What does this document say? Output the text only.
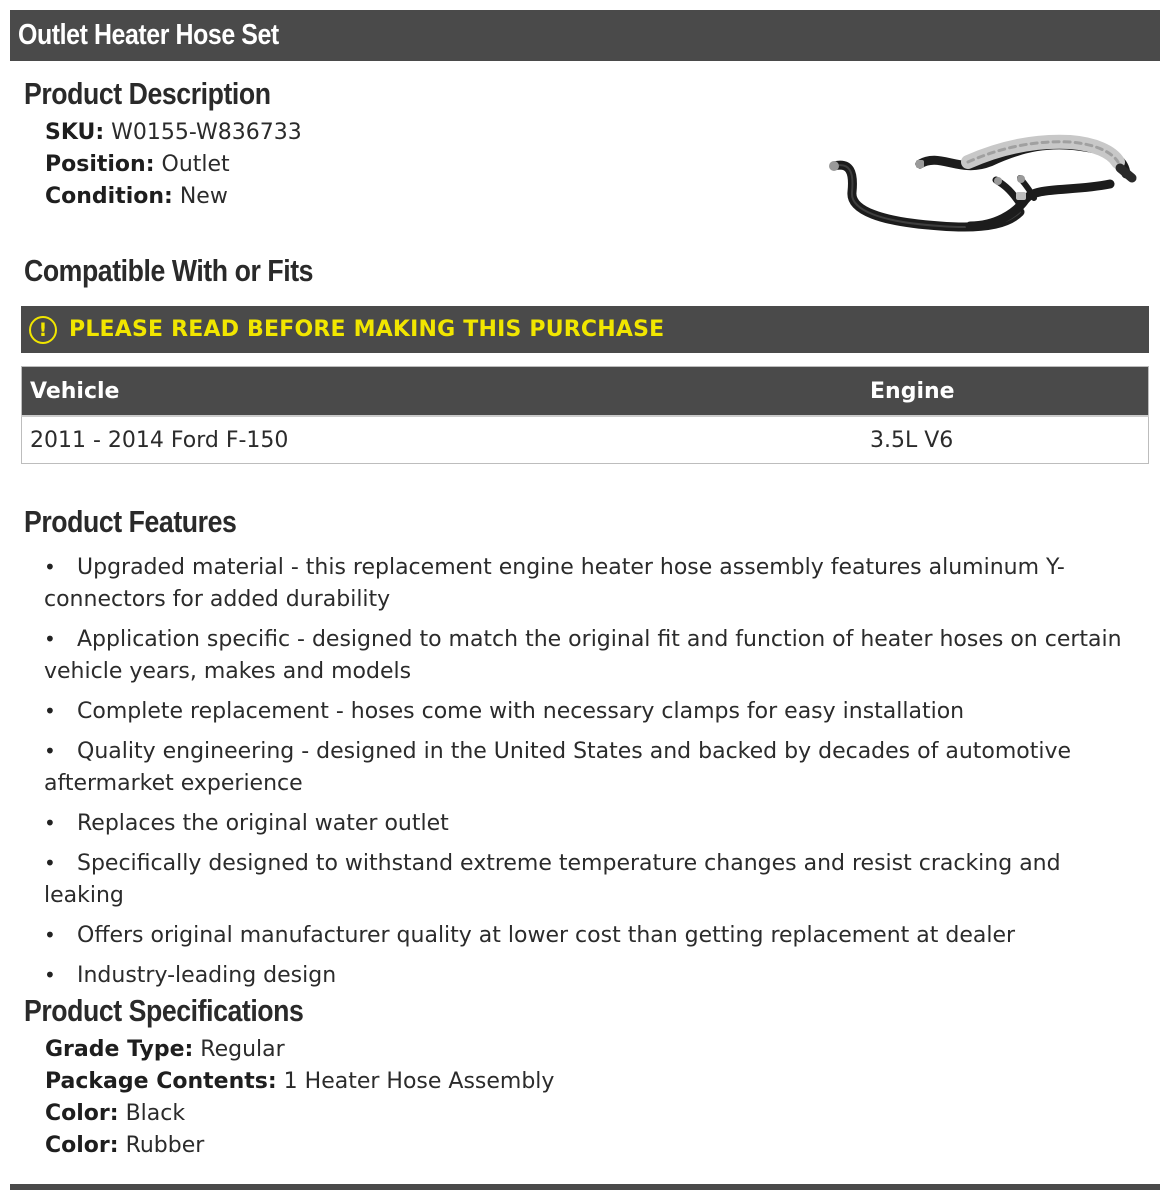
Outlet Heater Hose Set
Product Description
SKU: W0155-W836733
Position: Outlet
Condition: New
Compatible With or Fits
! PLEASE READ BEFORE MAKING THIS PURCHASE
Vehicle	Engine
2011 - 2014 Ford F-150	3.5L V6
Product Features
• Upgraded material - this replacement engine heater hose assembly features aluminum Y-connectors for added durability
• Application specific - designed to match the original fit and function of heater hoses on certain vehicle years, makes and models
• Complete replacement - hoses come with necessary clamps for easy installation
• Quality engineering - designed in the United States and backed by decades of automotive aftermarket experience
• Replaces the original water outlet
• Specifically designed to withstand extreme temperature changes and resist cracking and leaking
• Offers original manufacturer quality at lower cost than getting replacement at dealer
• Industry-leading design
Product Specifications
Grade Type: Regular
Package Contents: 1 Heater Hose Assembly
Color: Black
Color: Rubber
